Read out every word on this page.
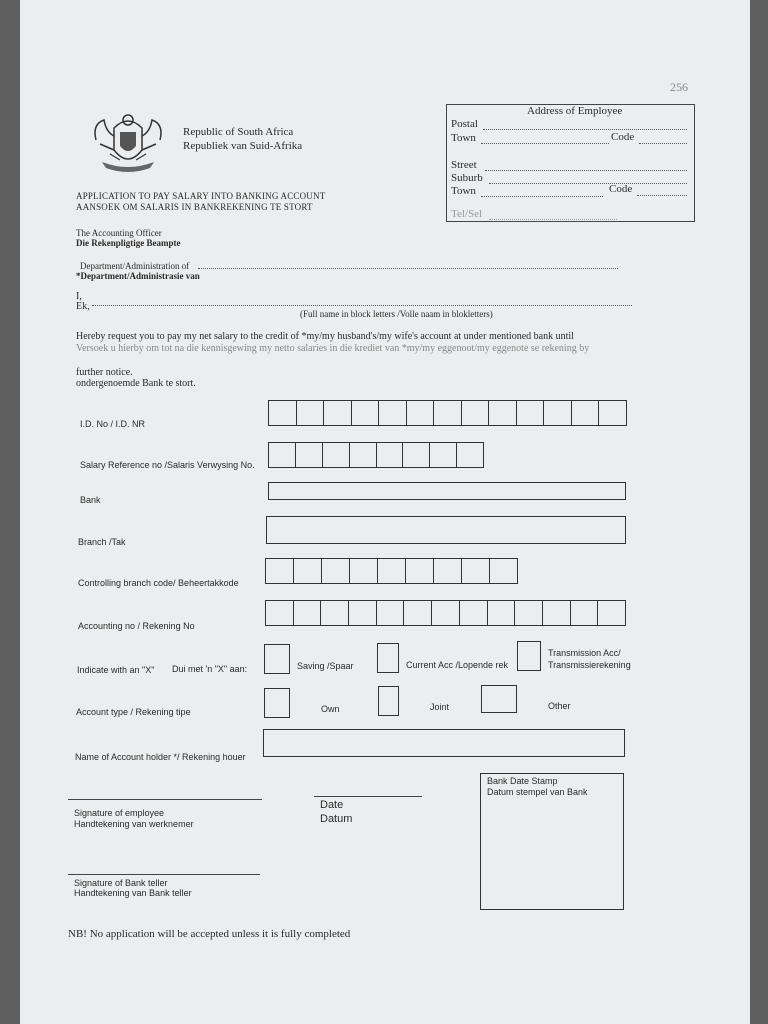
256
Republic of South Africa
Republiek van Suid-Afrika
APPLICATION TO PAY SALARY INTO BANKING ACCOUNT
AANSOEK OM SALARIS IN BANKREKENING TE STORT
Address of Employee
Postal
Town	Code
Street
Suburb
Town	Code
Tel/Sel
The Accounting Officer
Die Rekenpligtige Beampte
Department/Administration of
*Department/Administrasie van
I,
Ek,
(Full name in block letters /Volle naam in blokletters)
Hereby request you to pay my net salary to the credit of *my/my husband's/my wife's account at under mentioned bank until
Versoek u hierby om tot na die kennisgewing my netto salaries in die krediet van *my/my eggenoot/my eggenote se rekening by
further notice.
ondergenoemde Bank te stort.
I.D. No / I.D. NR
Salary Reference no /Salaris Verwysing No.
Bank
Branch /Tak
Controlling branch code/ Beheertakkode
Accounting no / Rekening No
Indicate with an "X" Dui met 'n "X" aan:	Saving /Spaar	Current Acc /Lopende rek
Transmission Acc/
Transmissierekening
Account type / Rekening tipe	Own	Joint	Other
Name of Account holder */ Rekening houer
Signature of employee
Handtekening van werknemer
Date
Datum
Bank Date Stamp
Datum stempel van Bank
Signature of Bank teller
Handtekening van Bank teller
NB! No application will be accepted unless it is fully completed
